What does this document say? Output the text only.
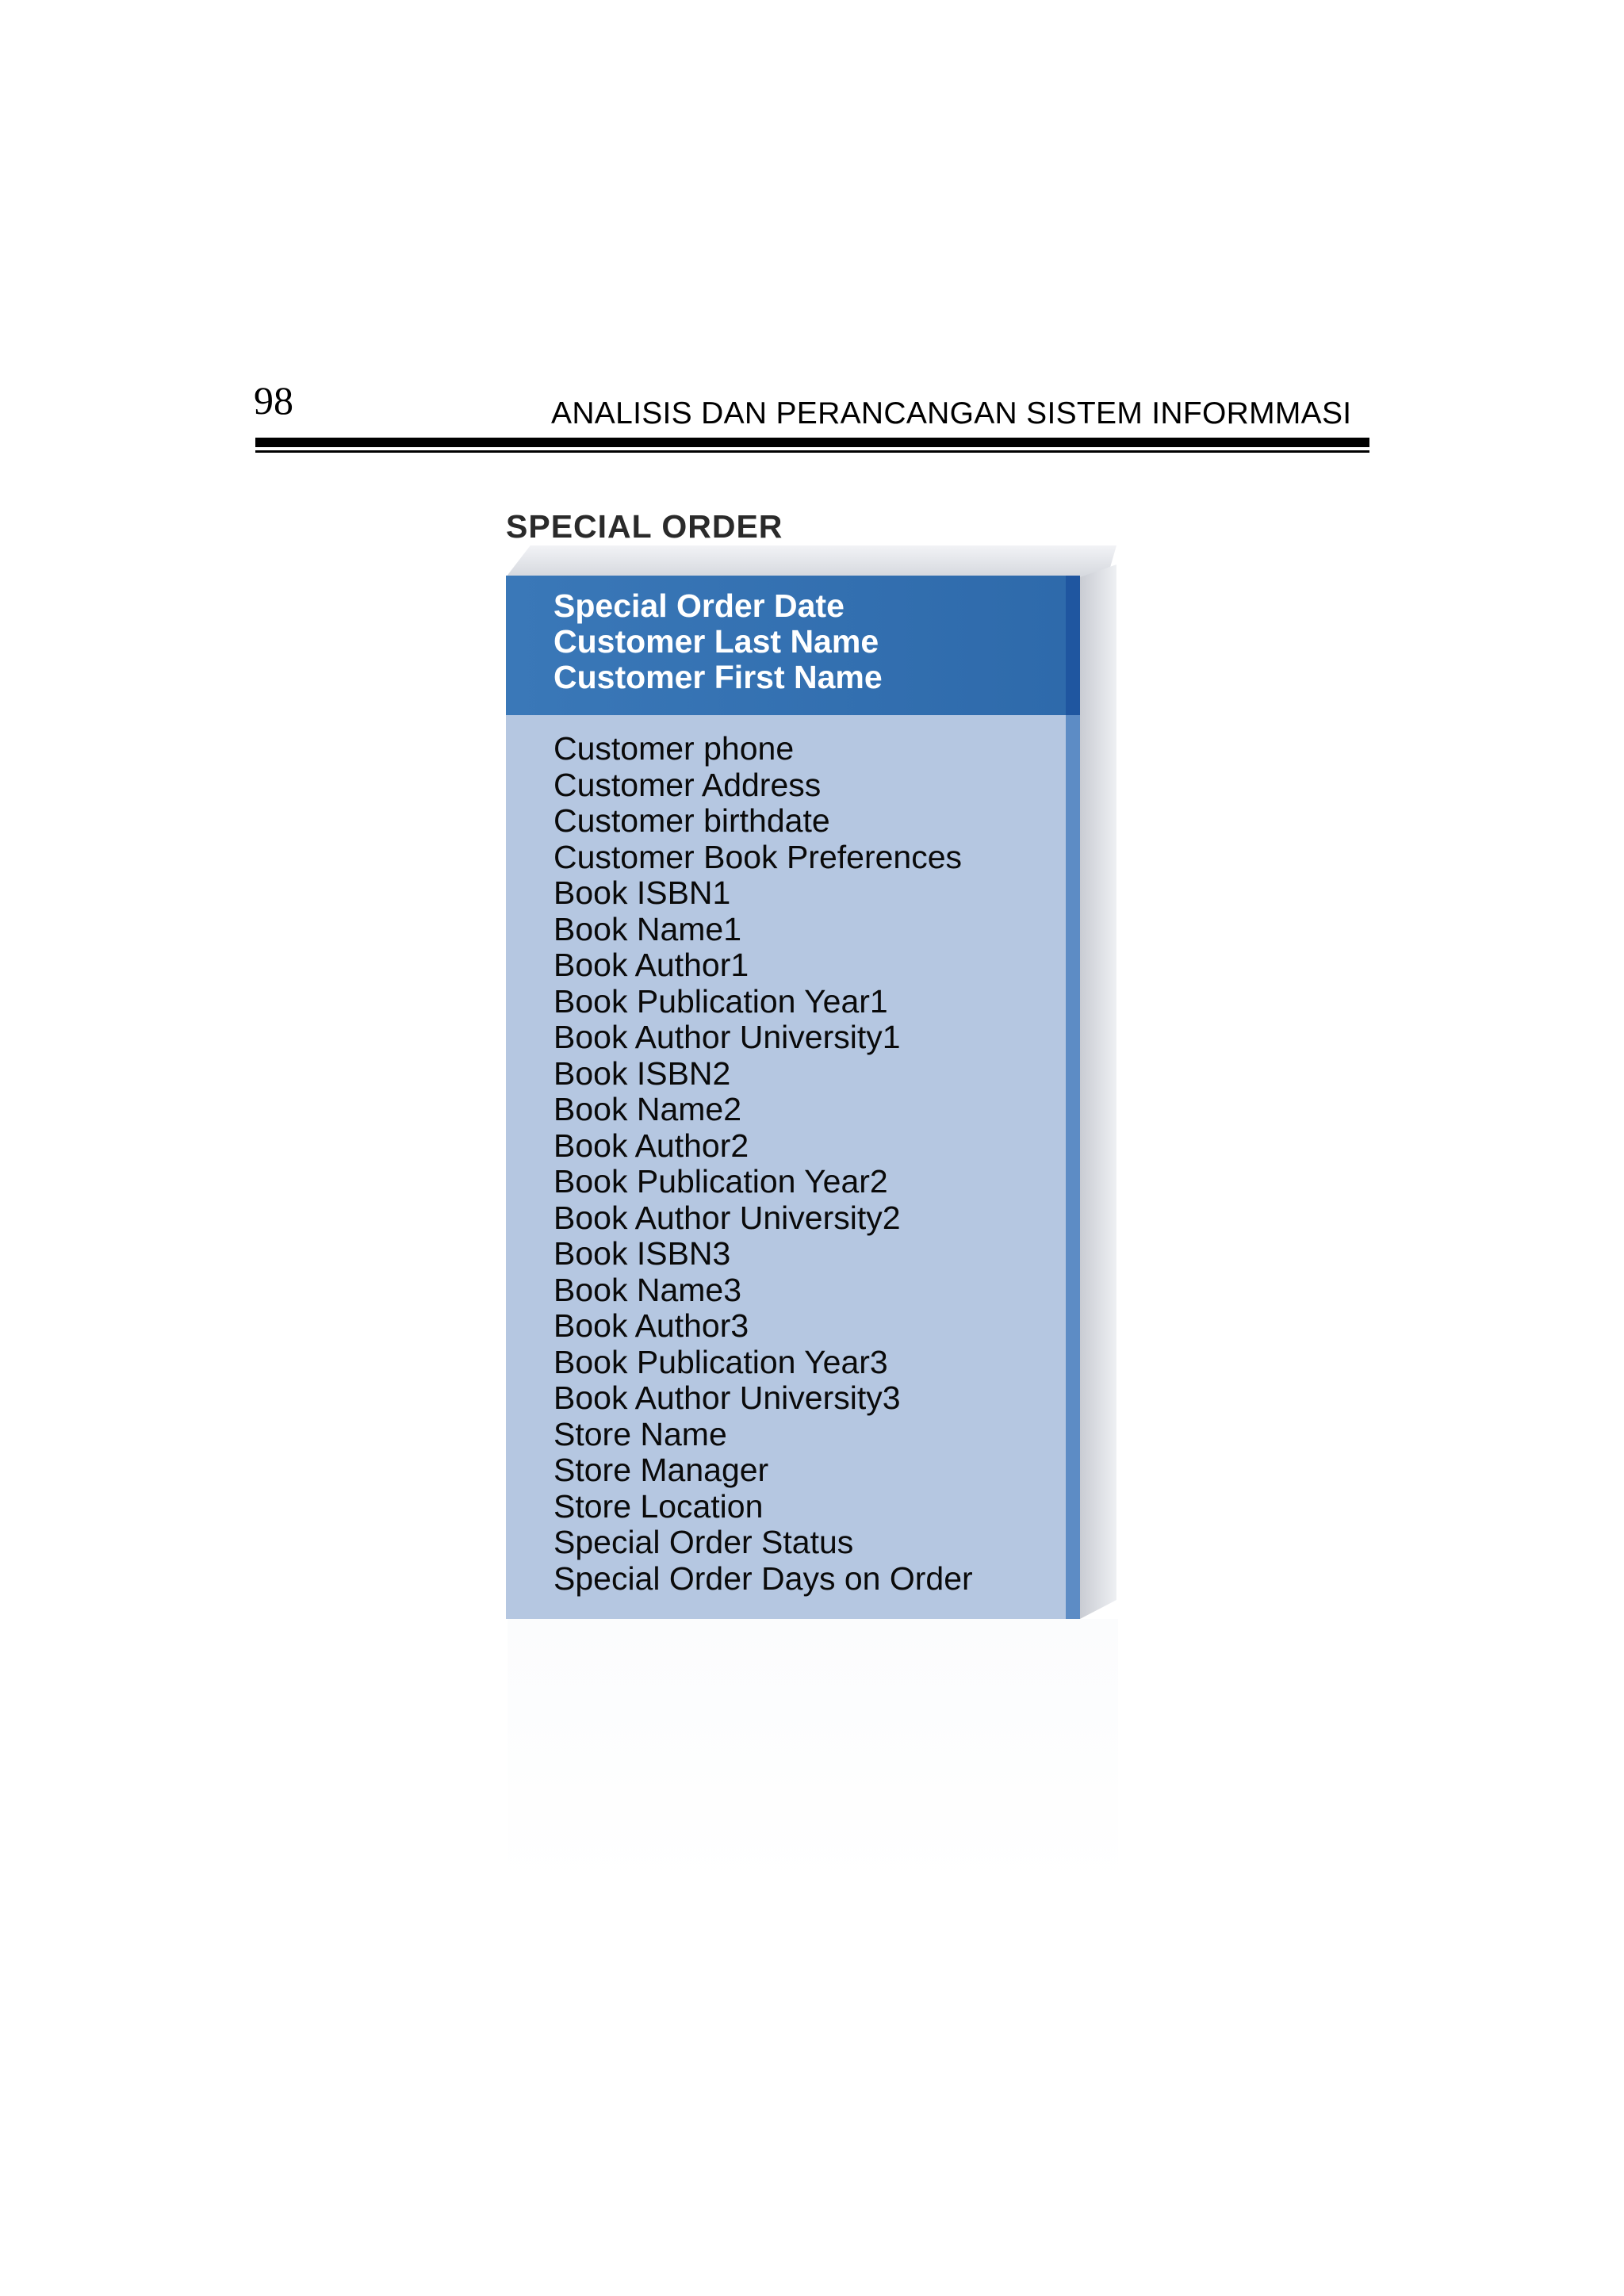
98	ANALISIS DAN PERANCANGAN SISTEM INFORMMASI
SPECIAL ORDER
Special Order Date
Customer Last Name
Customer First Name
Customer phone
Customer Address
Customer birthdate
Customer Book Preferences
Book ISBN1
Book Name1
Book Author1
Book Publication Year1
Book Author University1
Book ISBN2
Book Name2
Book Author2
Book Publication Year2
Book Author University2
Book ISBN3
Book Name3
Book Author3
Book Publication Year3
Book Author University3
Store Name
Store Manager
Store Location
Special Order Status
Special Order Days on Order
